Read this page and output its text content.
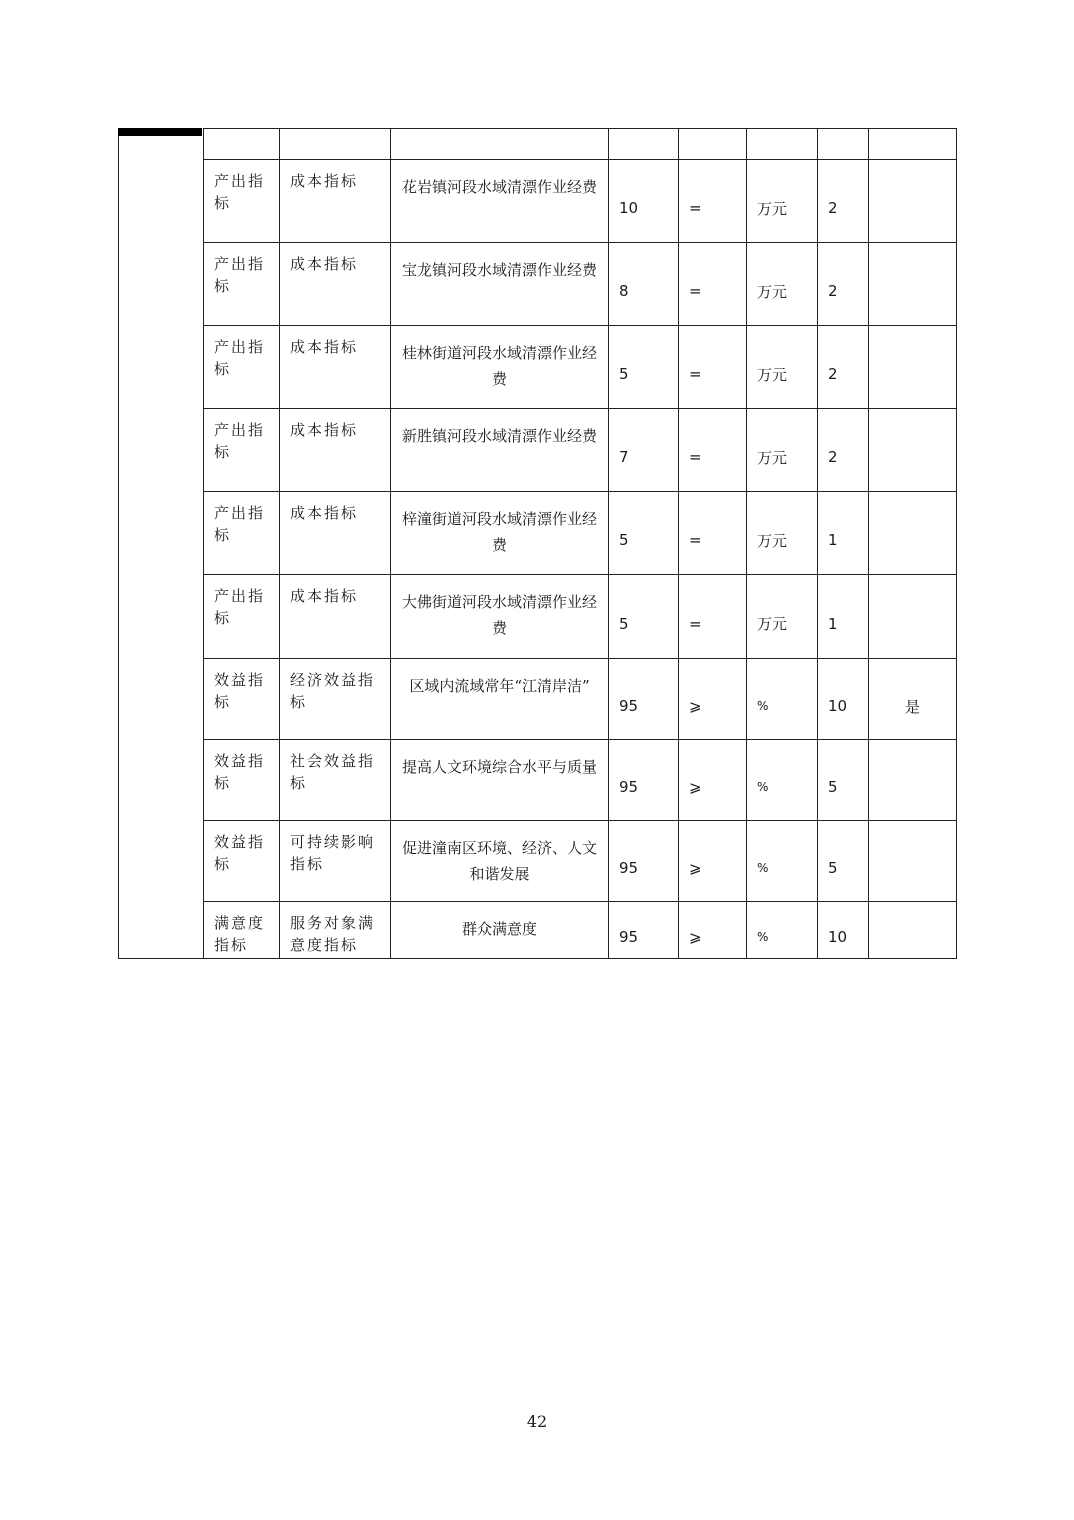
	产出指标	成本指标	花岩镇河段水域清漂作业经费	10	=	万元	2	
	产出指标	成本指标	宝龙镇河段水域清漂作业经费	8	=	万元	2	
	产出指标	成本指标	桂林街道河段水域清漂作业经费	5	=	万元	2	
	产出指标	成本指标	新胜镇河段水域清漂作业经费	7	=	万元	2	
	产出指标	成本指标	梓潼街道河段水域清漂作业经费	5	=	万元	1	
	产出指标	成本指标	大佛街道河段水域清漂作业经费	5	=	万元	1	
	效益指标	经济效益指标	区域内流域常年“江清岸洁”	95	⩾	%	10	是
	效益指标	社会效益指标	提高人文环境综合水平与质量	95	⩾	%	5	
	效益指标	可持续影响指标	促进潼南区环境、经济、人文和谐发展	95	⩾	%	5	
	满意度指标	服务对象满意度指标	群众满意度	95	⩾	%	10	
42
